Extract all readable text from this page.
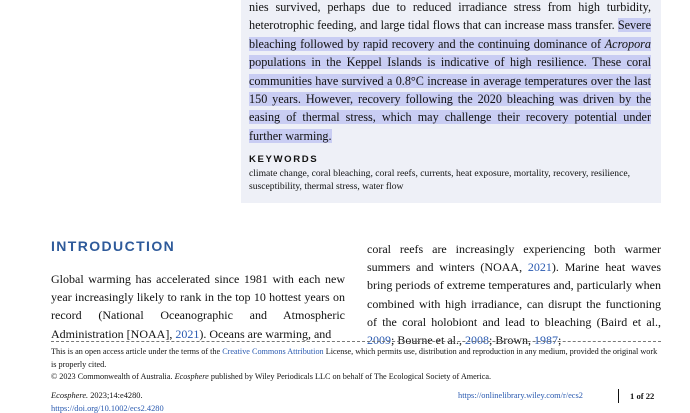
nies survived, perhaps due to reduced irradiance stress from high turbidity, heterotrophic feeding, and large tidal flows that can increase mass transfer. Severe bleaching followed by rapid recovery and the continuing dominance of Acropora populations in the Keppel Islands is indicative of high resilience. These coral communities have survived a 0.8°C increase in average temperatures over the last 150 years. However, recovery following the 2020 bleaching was driven by the easing of thermal stress, which may challenge their recovery potential under further warming.
KEYWORDS
climate change, coral bleaching, coral reefs, currents, heat exposure, mortality, recovery, resilience, susceptibility, thermal stress, water flow
INTRODUCTION
Global warming has accelerated since 1981 with each new year increasingly likely to rank in the top 10 hottest years on record (National Oceanographic and Atmospheric Administration [NOAA], 2021). Oceans are warming, and
coral reefs are increasingly experiencing both warmer summers and winters (NOAA, 2021). Marine heat waves bring periods of extreme temperatures and, particularly when combined with high irradiance, can disrupt the functioning of the coral holobiont and lead to bleaching (Baird et al., 2009; Bourne et al., 2008; Brown, 1987;
This is an open access article under the terms of the Creative Commons Attribution License, which permits use, distribution and reproduction in any medium, provided the original work is properly cited.
© 2023 Commonwealth of Australia. Ecosphere published by Wiley Periodicals LLC on behalf of The Ecological Society of America.
Ecosphere. 2023;14:e4280.	https://onlinelibrary.wiley.com/r/ecs2	1 of 22
https://doi.org/10.1002/ecs2.4280
